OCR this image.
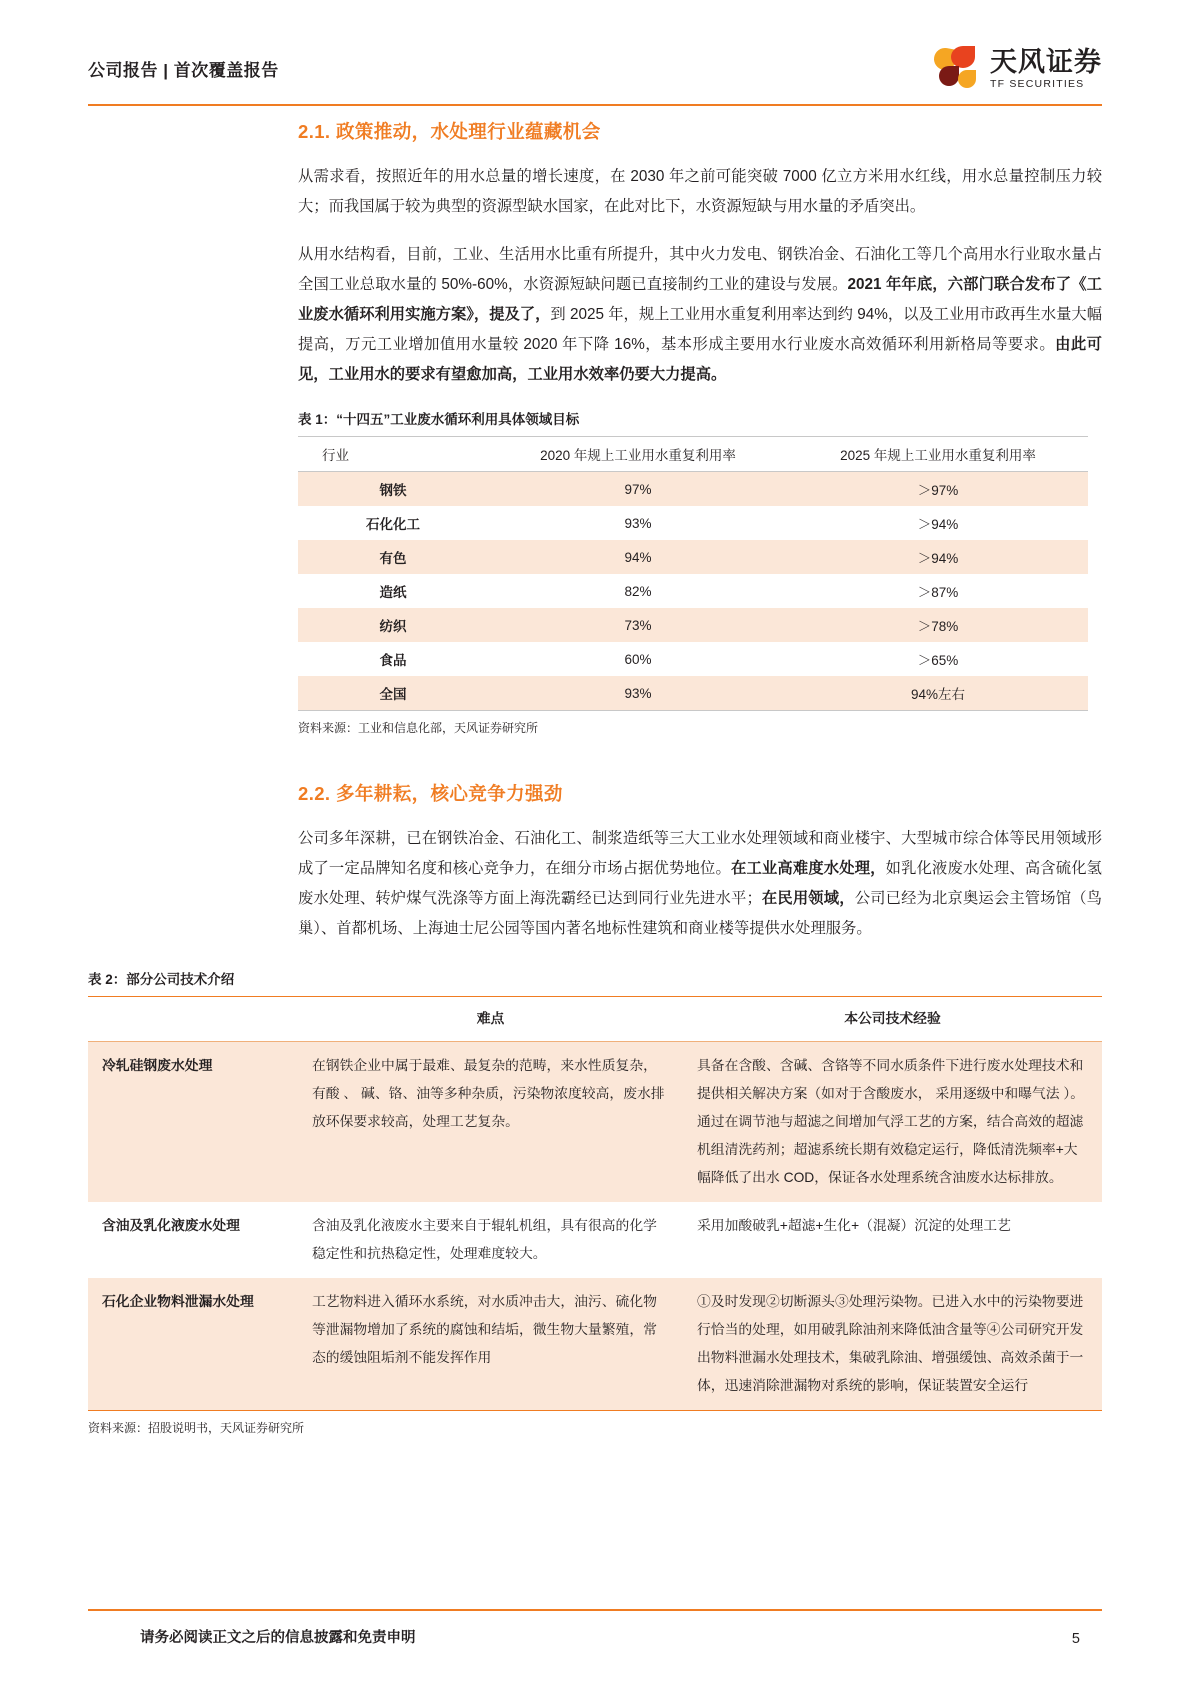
公司报告 | 首次覆盖报告	天风证券
TF SECURITIES
2.1. 政策推动，水处理行业蕴藏机会

从需求看，按照近年的用水总量的增长速度，在 2030 年之前可能突破 7000 亿立方米用水红线，用水总量控制压力较大；而我国属于较为典型的资源型缺水国家，在此对比下，水资源短缺与用水量的矛盾突出。

从用水结构看，目前，工业、生活用水比重有所提升，其中火力发电、钢铁冶金、石油化工等几个高用水行业取水量占全国工业总取水量的 50%-60%，水资源短缺问题已直接制约工业的建设与发展。2021 年年底，六部门联合发布了《工业废水循环利用实施方案》，提及了，到 2025 年，规上工业用水重复利用率达到约 94%，以及工业用市政再生水量大幅提高，万元工业增加值用水量较 2020 年下降 16%，基本形成主要用水行业废水高效循环利用新格局等要求。由此可见，工业用水的要求有望愈加高，工业用水效率仍要大力提高。

表 1：“十四五”工业废水循环利用具体领域目标
行业	2020 年规上工业用水重复利用率	2025 年规上工业用水重复利用率
钢铁	97%	＞97%
石化化工	93%	＞94%
有色	94%	＞94%
造纸	82%	＞87%
纺织	73%	＞78%
食品	60%	＞65%
全国	93%	94%左右
资料来源：工业和信息化部，天风证券研究所
2.2. 多年耕耘，核心竞争力强劲

公司多年深耕，已在钢铁冶金、石油化工、制浆造纸等三大工业水处理领域和商业楼宇、大型城市综合体等民用领域形成了一定品牌知名度和核心竞争力，在细分市场占据优势地位。在工业高难度水处理，如乳化液废水处理、高含硫化氢废水处理、转炉煤气洗涤等方面上海洗霸经已达到同行业先进水平；在民用领域，公司已经为北京奥运会主管场馆（鸟巢）、首都机场、上海迪士尼公园等国内著名地标性建筑和商业楼等提供水处理服务。

表 2：部分公司技术介绍
	难点	本公司技术经验
冷轧硅钢废水处理	在钢铁企业中属于最难、最复杂的范畴，来水性质复杂，有酸 、 碱、铬、油等多种杂质，污染物浓度较高，废水排放环保要求较高，处理工艺复杂。	具备在含酸、含碱、含铬等不同水质条件下进行废水处理技术和提供相关解决方案（如对于含酸废水， 采用逐级中和曝气法 ）。 通过在调节池与超滤之间增加气浮工艺的方案，结合高效的超滤机组清洗药剂；超滤系统长期有效稳定运行，降低清洗频率+大幅降低了出水 COD，保证各水处理系统含油废水达标排放。
含油及乳化液废水处理	含油及乳化液废水主要来自于辊轧机组，具有很高的化学稳定性和抗热稳定性，处理难度较大。	采用加酸破乳+超滤+生化+（混凝）沉淀的处理工艺
石化企业物料泄漏水处理	工艺物料进入循环水系统，对水质冲击大，油污、硫化物等泄漏物增加了系统的腐蚀和结垢，微生物大量繁殖，常态的缓蚀阻垢剂不能发挥作用	①及时发现②切断源头③处理污染物。已进入水中的污染物要进行恰当的处理，如用破乳除油剂来降低油含量等④公司研究开发出物料泄漏水处理技术，集破乳除油、增强缓蚀、高效杀菌于一体，迅速消除泄漏物对系统的影响，保证装置安全运行
资料来源：招股说明书，天风证券研究所
请务必阅读正文之后的信息披露和免责申明	5
